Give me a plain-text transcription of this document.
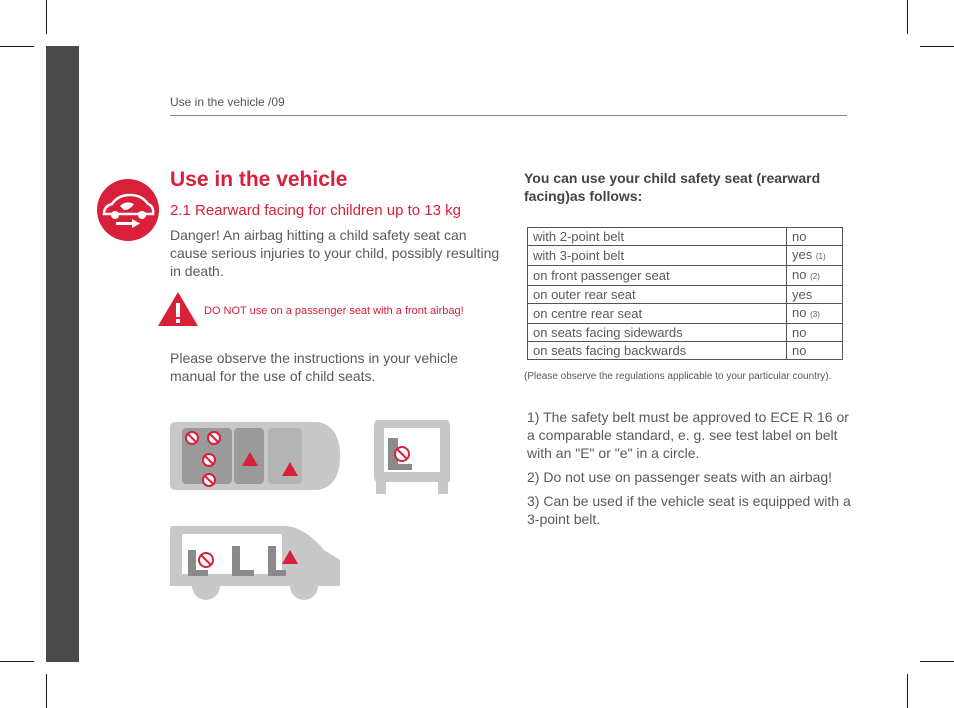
Use in the vehicle /09
Use in the vehicle
2.1 Rearward facing for children up to 13 kg
Danger! An airbag hitting a child safety seat can cause serious injuries to your child, possibly resulting in death.
DO NOT use on a passenger seat with a front airbag!
Please observe the instructions in your vehicle manual for the use of child seats.
You can use your child safety seat (rearward facing)as follows:
with 2-point belt	no
with 3-point belt	yes (1)
on front passenger seat	no (2)
on outer rear seat	yes
on centre rear seat	no (3)
on seats facing sidewards	no
on seats facing backwards	no
(Please observe the regulations applicable to your particular country).

1) The safety belt must be approved to ECE R 16 or a comparable standard, e. g. see test label on belt with an "E" or "e" in a circle.

2) Do not use on passenger seats with an airbag!

3) Can be used if the vehicle seat is equipped with a 3-point belt.
